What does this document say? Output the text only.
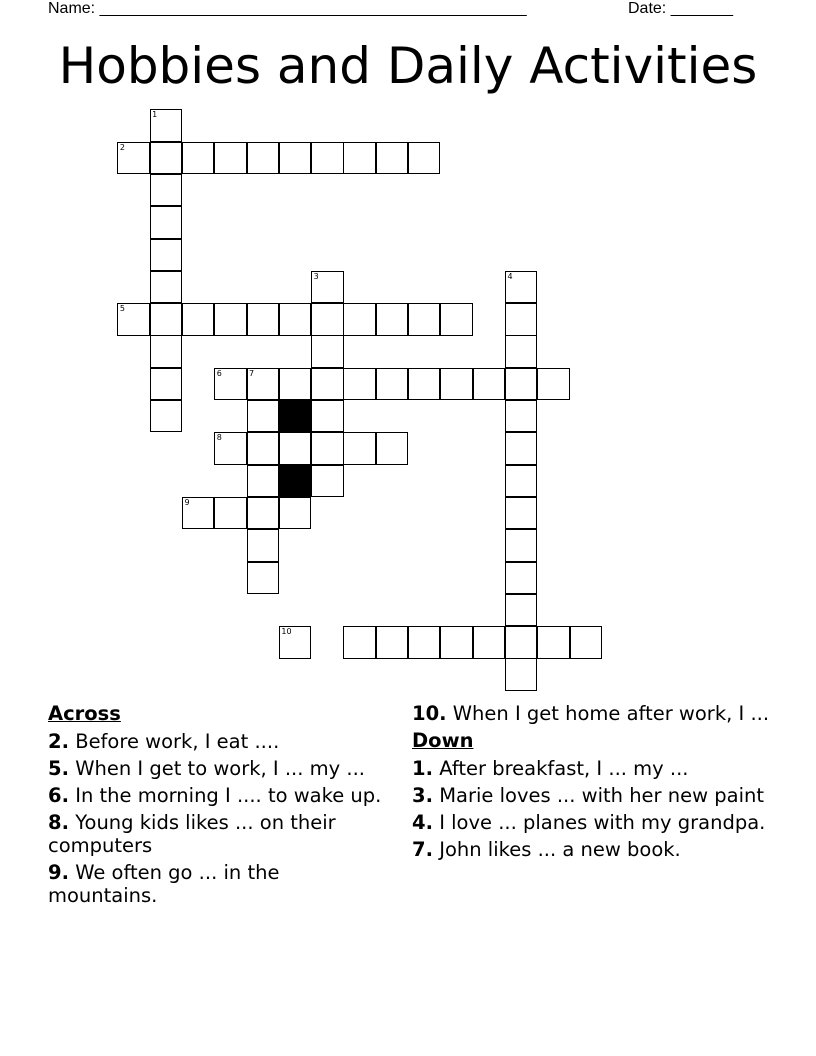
Name: ________________________________________________	Date: _______
Hobbies and Daily Activities
1
2
3	4
5
6	7
8
9
10
Across
2. Before work, I eat ....
5. When I get to work, I ... my ...
6. In the morning I .... to wake up.
8. Young kids likes ... on their computers
9. We often go ... in the mountains.
10. When I get home after work, I ...
Down
1. After breakfast, I ... my ...
3. Marie loves ... with her new paint
4. I love ... planes with my grandpa.
7. John likes ... a new book.
